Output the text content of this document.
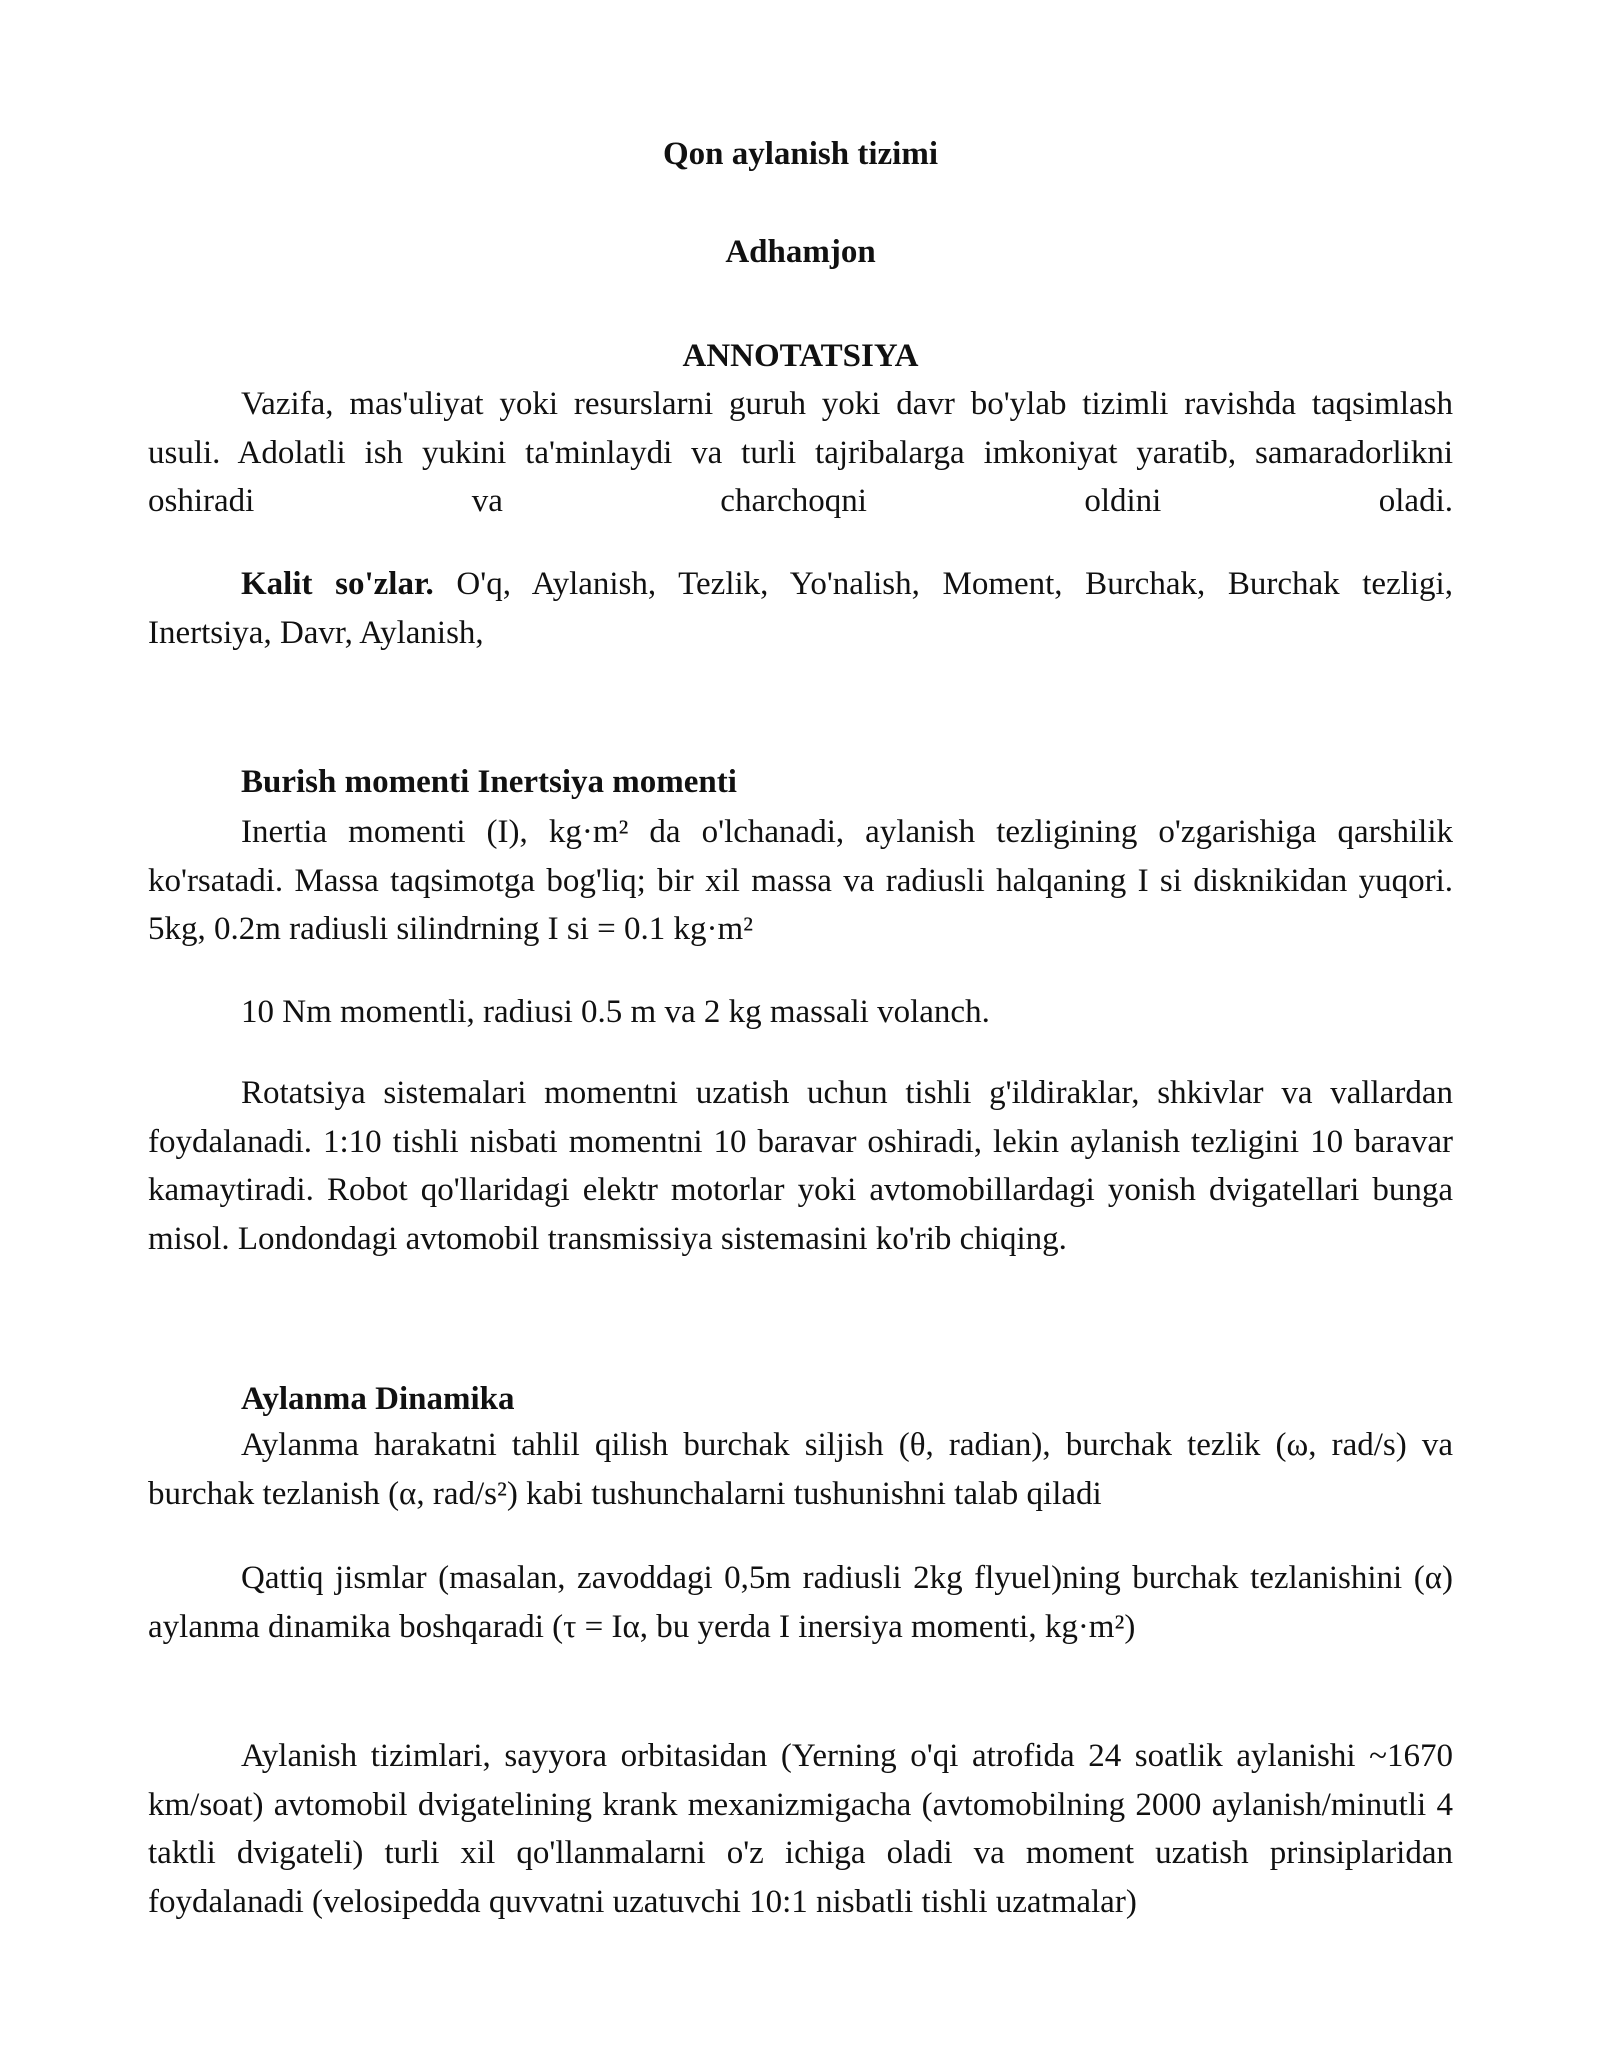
Qon aylanish tizimi

Adhamjon

ANNOTATSIYA

Vazifa, mas'uliyat yoki resurslarni guruh yoki davr bo'ylab tizimli ravishda taqsimlash usuli. Adolatli ish yukini ta'minlaydi va turli tajribalarga imkoniyat yaratib, samaradorlikni oshiradi va charchoqni oldini oladi.

Kalit so'zlar. O'q, Aylanish, Tezlik, Yo'nalish, Moment, Burchak, Burchak tezligi, Inertsiya, Davr, Aylanish,

Burish momenti Inertsiya momenti

Inertia momenti (I), kg·m² da o'lchanadi, aylanish tezligining o'zgarishiga qarshilik ko'rsatadi. Massa taqsimotga bog'liq; bir xil massa va radiusli halqaning I si disknikidan yuqori. 5kg, 0.2m radiusli silindrning I si = 0.1 kg·m²

10 Nm momentli, radiusi 0.5 m va 2 kg massali volanch.

Rotatsiya sistemalari momentni uzatish uchun tishli g'ildiraklar, shkivlar va vallardan foydalanadi. 1:10 tishli nisbati momentni 10 baravar oshiradi, lekin aylanish tezligini 10 baravar kamaytiradi. Robot qo'llaridagi elektr motorlar yoki avtomobillardagi yonish dvigatellari bunga misol. Londondagi avtomobil transmissiya sistemasini ko'rib chiqing.

Aylanma Dinamika

Aylanma harakatni tahlil qilish burchak siljish (θ, radian), burchak tezlik (ω, rad/s) va burchak tezlanish (α, rad/s²) kabi tushunchalarni tushunishni talab qiladi

Qattiq jismlar (masalan, zavoddagi 0,5m radiusli 2kg flyuel)ning burchak tezlanishini (α) aylanma dinamika boshqaradi (τ = Iα, bu yerda I inersiya momenti, kg·m²)

Aylanish tizimlari, sayyora orbitasidan (Yerning o'qi atrofida 24 soatlik aylanishi ~1670 km/soat) avtomobil dvigatelining krank mexanizmigacha (avtomobilning 2000 aylanish/minutli 4 taktli dvigateli) turli xil qo'llanmalarni o'z ichiga oladi va moment uzatish prinsiplaridan foydalanadi (velosipedda quvvatni uzatuvchi 10:1 nisbatli tishli uzatmalar)
